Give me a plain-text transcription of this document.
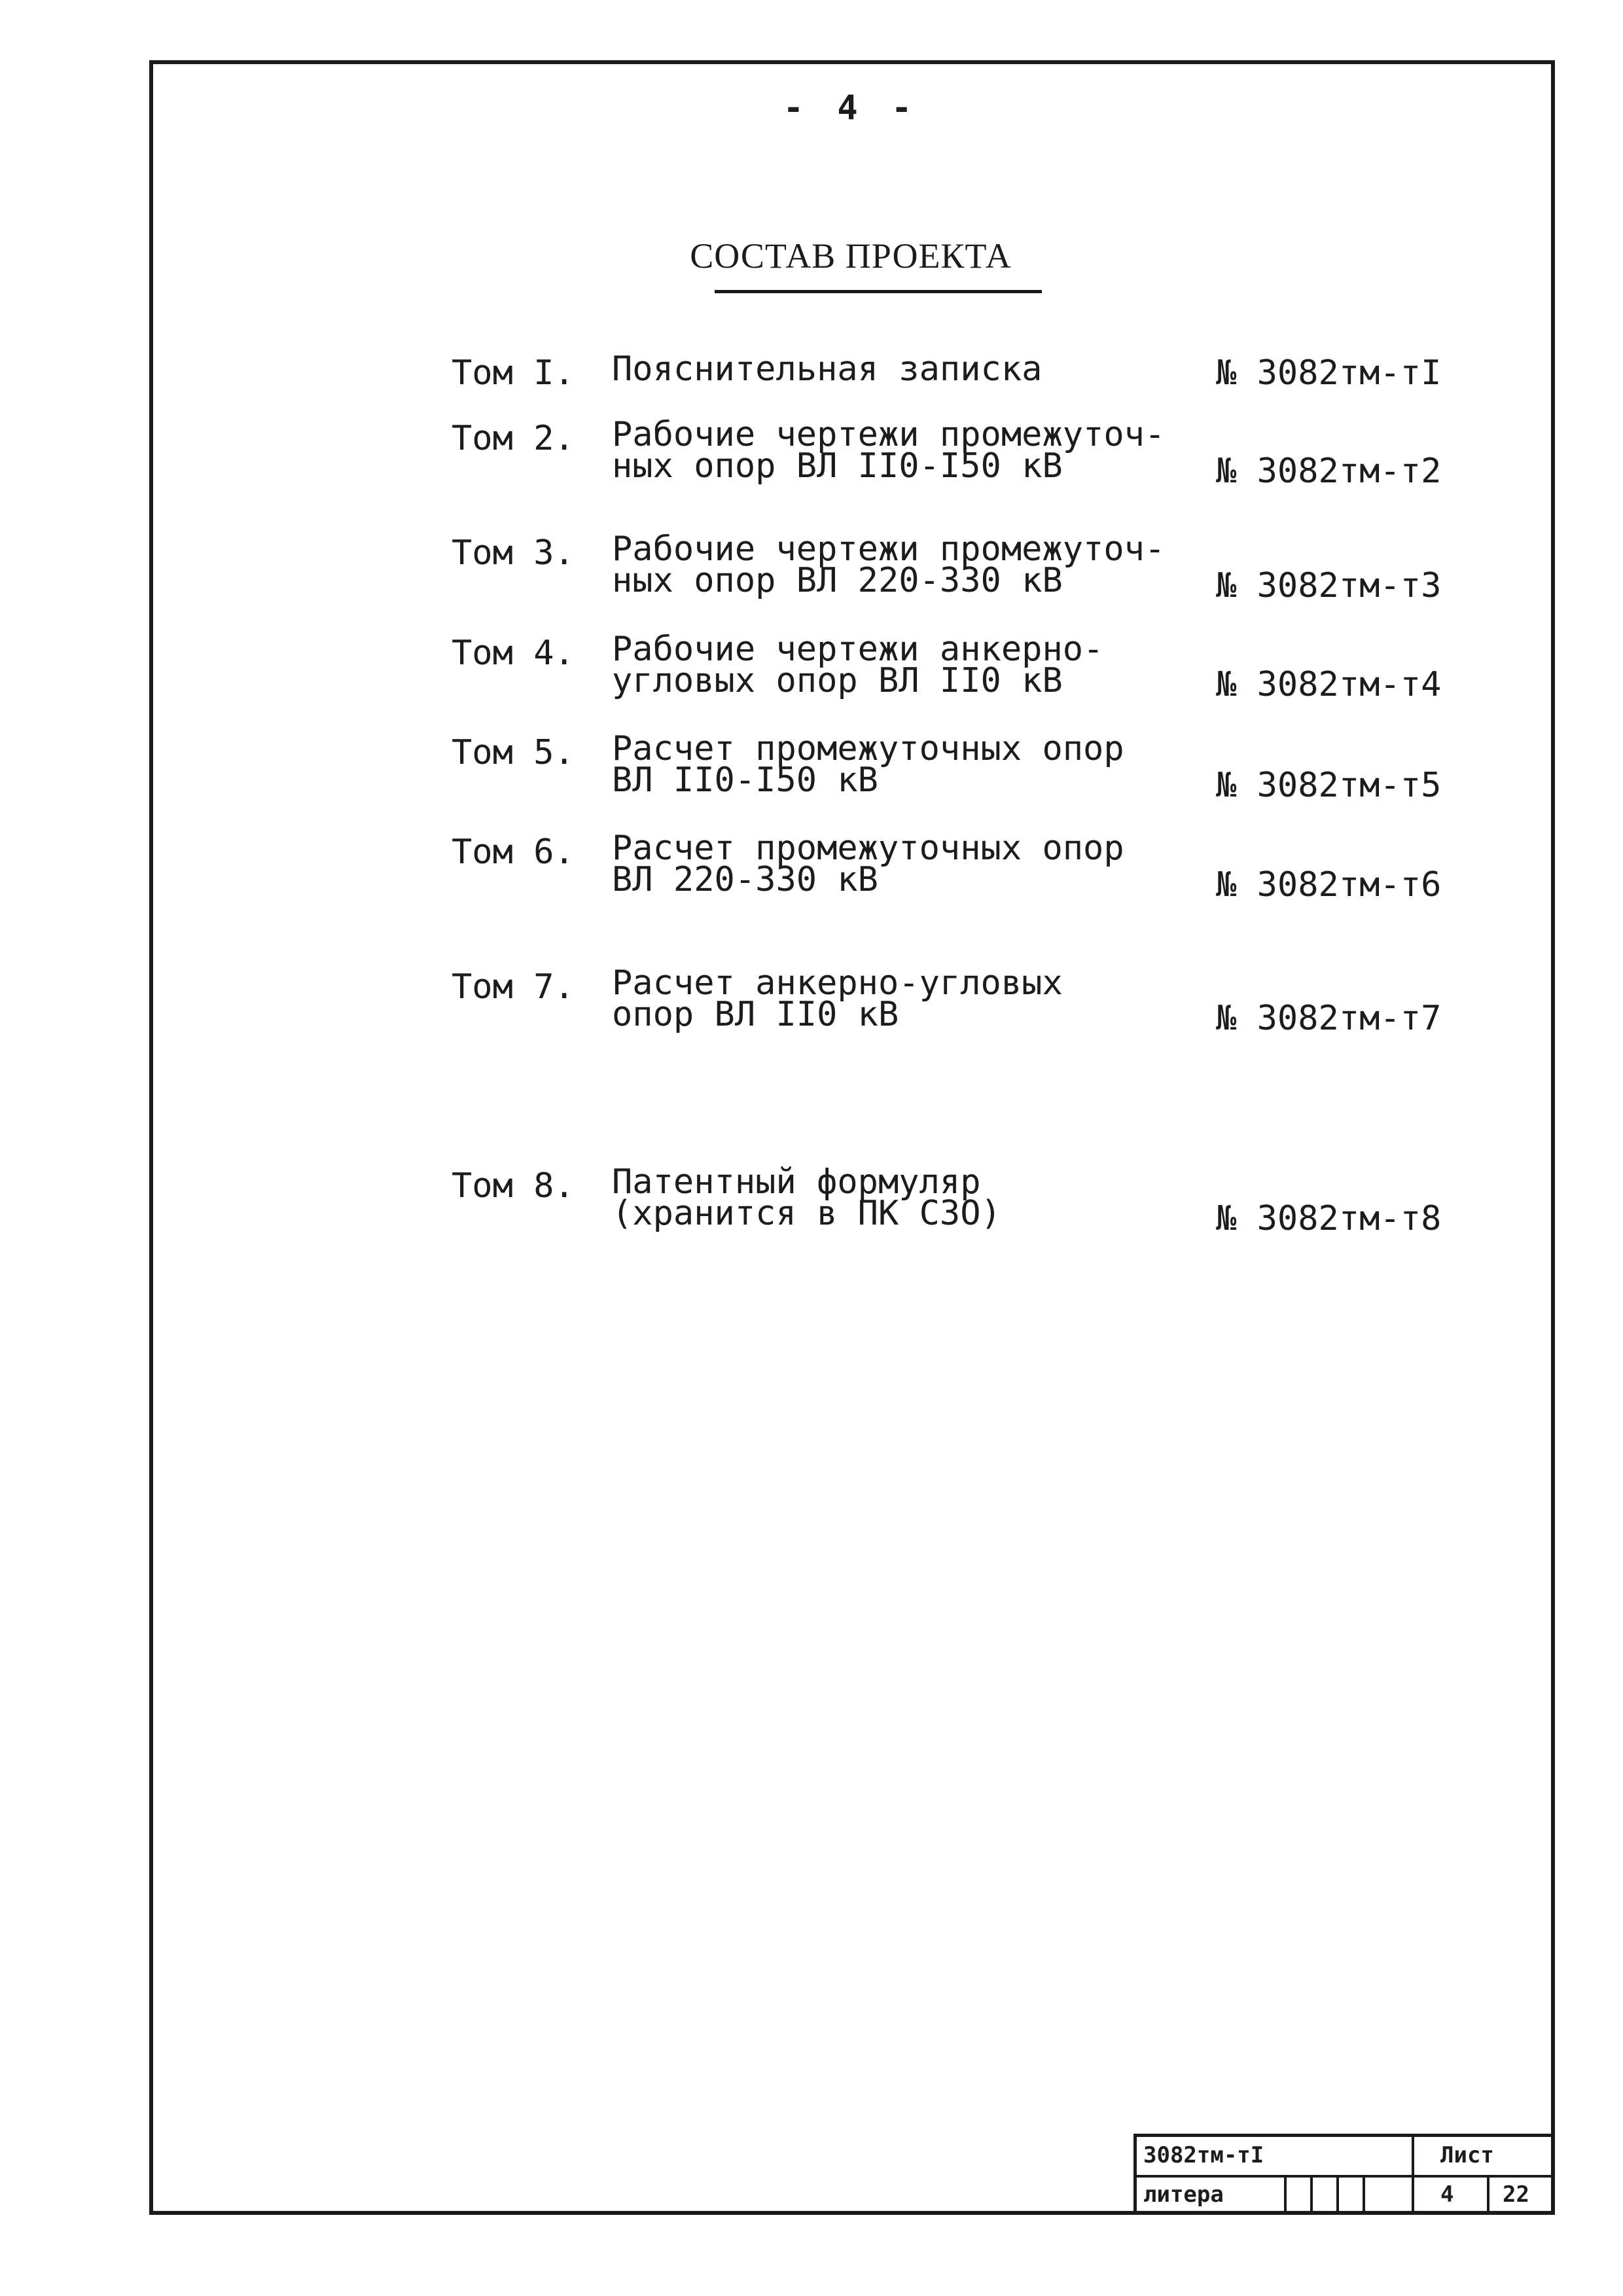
- 4 -
СОСТАВ ПРОЕКТА
Том I. Пояснительная записка	№ 3082тм-тI
Том 2. Рабочие чертежи промежуточ-
ных опор ВЛ II0-I50 кВ	№ 3082тм-т2
Том 3. Рабочие чертежи промежуточ-
ных опор ВЛ 220-330 кВ	№ 3082тм-т3
Том 4. Рабочие чертежи анкерно-
угловых опор ВЛ II0 кВ	№ 3082тм-т4
Том 5. Расчет промежуточных опор
ВЛ II0-I50 кВ	№ 3082тм-т5
Том 6. Расчет промежуточных опор
ВЛ 220-330 кВ	№ 3082тм-т6
Том 7. Расчет анкерно-угловых
опор ВЛ II0 кВ	№ 3082тм-т7
Том 8. Патентный формуляр
(хранится в ПК СЗО)	№ 3082тм-т8
3082тм-тI	Лист
литера	4	22
